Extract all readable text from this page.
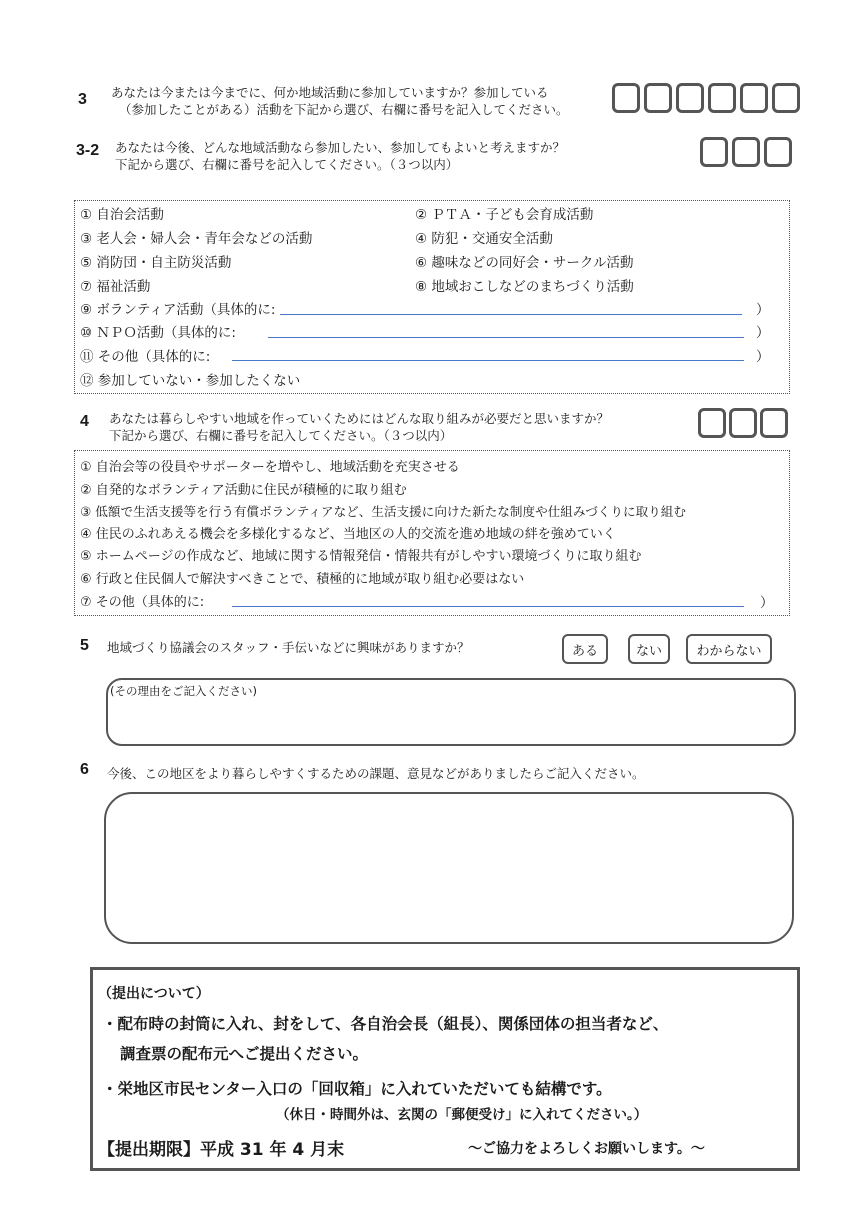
3 あなたは今または今までに、何か地域活動に参加していますか？参加している
（参加したことがある）活動を下記から選び、右欄に番号を記入してください。
3-2 あなたは今後、どんな地域活動なら参加したい、参加してもよいと考えますか？
下記から選び、右欄に番号を記入してください。（３つ以内）
① 自治会活動	② ＰＴＡ・子ども会育成活動
③ 老人会・婦人会・青年会などの活動	④ 防犯・交通安全活動
⑤ 消防団・自主防災活動	⑥ 趣味などの同好会・サークル活動
⑦ 福祉活動	⑧ 地域おこしなどのまちづくり活動
⑨ ボランティア活動（具体的に:	）
⑩ ＮＰＯ活動（具体的に:	）
⑪ その他（具体的に:	）
⑫ 参加していない・参加したくない
4 あなたは暮らしやすい地域を作っていくためにはどんな取り組みが必要だと思いますか？
下記から選び、右欄に番号を記入してください。（３つ以内）
① 自治会等の役員やサポーターを増やし、地域活動を充実させる
② 自発的なボランティア活動に住民が積極的に取り組む
③ 低額で生活支援等を行う有償ボランティアなど、生活支援に向けた新たな制度や仕組みづくりに取り組む
④ 住民のふれあえる機会を多様化するなど、当地区の人的交流を進め地域の絆を強めていく
⑤ ホームページの作成など、地域に関する情報発信・情報共有がしやすい環境づくりに取り組む
⑥ 行政と住民個人で解決すべきことで、積極的に地域が取り組む必要はない
⑦ その他（具体的に:	）
5 地域づくり協議会のスタッフ・手伝いなどに興味がありますか？	ある	ない	わからない
(その理由をご記入ください)
6 今後、この地区をより暮らしやすくするための課題、意見などがありましたらご記入ください。
（提出について）
・配布時の封筒に入れ、封をして、各自治会長（組長）、関係団体の担当者など、
調査票の配布元へご提出ください。
・栄地区市民センター入口の「回収箱」に入れていただいても結構です。
（休日・時間外は、玄関の「郵便受け」に入れてください。）
【提出期限】平成 31 年 4 月末	～ご協力をよろしくお願いします。～
